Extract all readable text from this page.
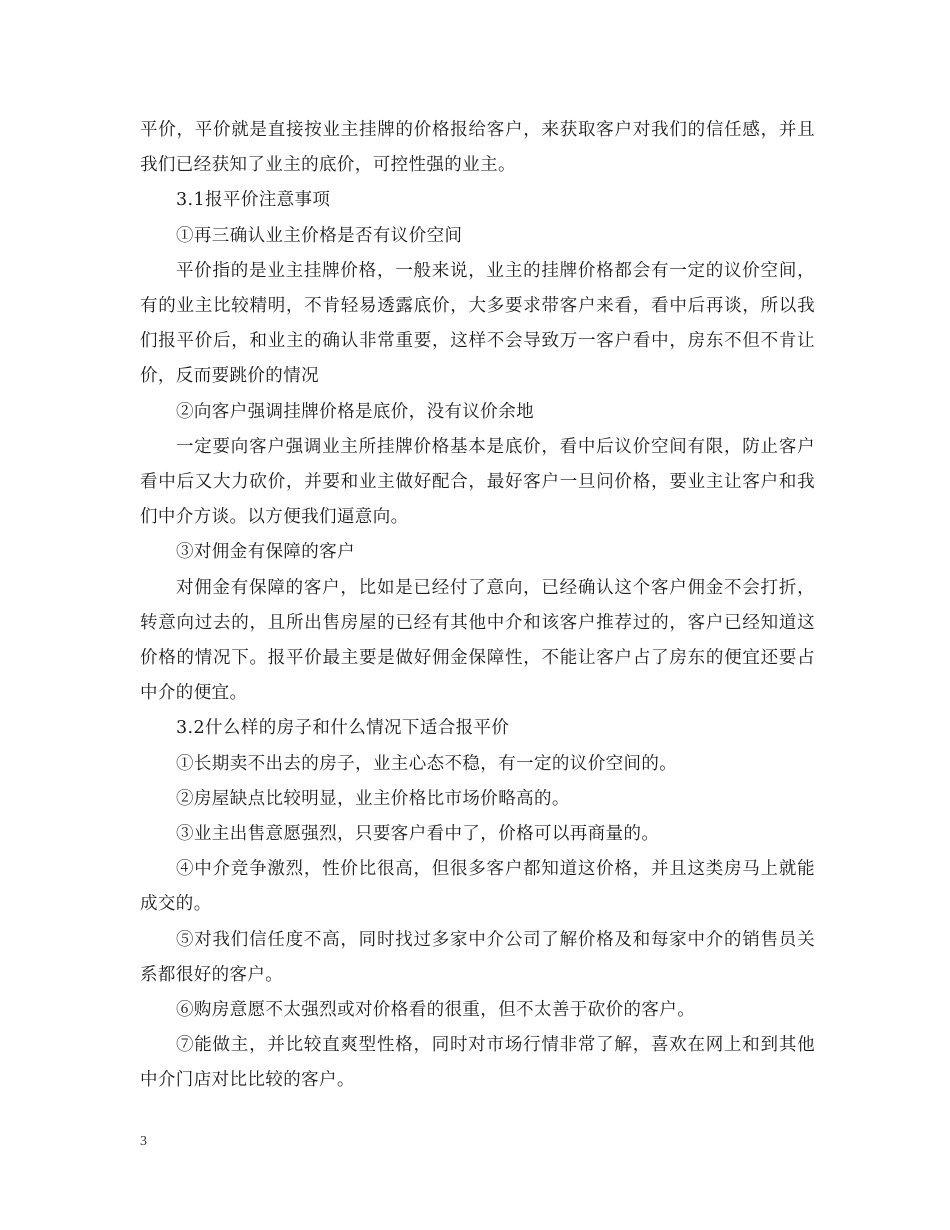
平价，平价就是直接按业主挂牌的价格报给客户，来获取客户对我们的信任感，并且我们已经获知了业主的底价，可控性强的业主。

3.1报平价注意事项

①再三确认业主价格是否有议价空间

平价指的是业主挂牌价格，一般来说，业主的挂牌价格都会有一定的议价空间，有的业主比较精明，不肯轻易透露底价，大多要求带客户来看，看中后再谈，所以我们报平价后，和业主的确认非常重要，这样不会导致万一客户看中，房东不但不肯让价，反而要跳价的情况

②向客户强调挂牌价格是底价，没有议价余地

一定要向客户强调业主所挂牌价格基本是底价，看中后议价空间有限，防止客户看中后又大力砍价，并要和业主做好配合，最好客户一旦问价格，要业主让客户和我们中介方谈。以方便我们逼意向。

③对佣金有保障的客户

对佣金有保障的客户，比如是已经付了意向，已经确认这个客户佣金不会打折，转意向过去的，且所出售房屋的已经有其他中介和该客户推荐过的，客户已经知道这价格的情况下。报平价最主要是做好佣金保障性，不能让客户占了房东的便宜还要占中介的便宜。

3.2什么样的房子和什么情况下适合报平价

①长期卖不出去的房子，业主心态不稳，有一定的议价空间的。

②房屋缺点比较明显，业主价格比市场价略高的。

③业主出售意愿强烈，只要客户看中了，价格可以再商量的。

④中介竞争激烈，性价比很高，但很多客户都知道这价格，并且这类房马上就能成交的。

⑤对我们信任度不高，同时找过多家中介公司了解价格及和每家中介的销售员关系都很好的客户。

⑥购房意愿不太强烈或对价格看的很重，但不太善于砍价的客户。

⑦能做主，并比较直爽型性格，同时对市场行情非常了解，喜欢在网上和到其他中介门店对比比较的客户。

3
